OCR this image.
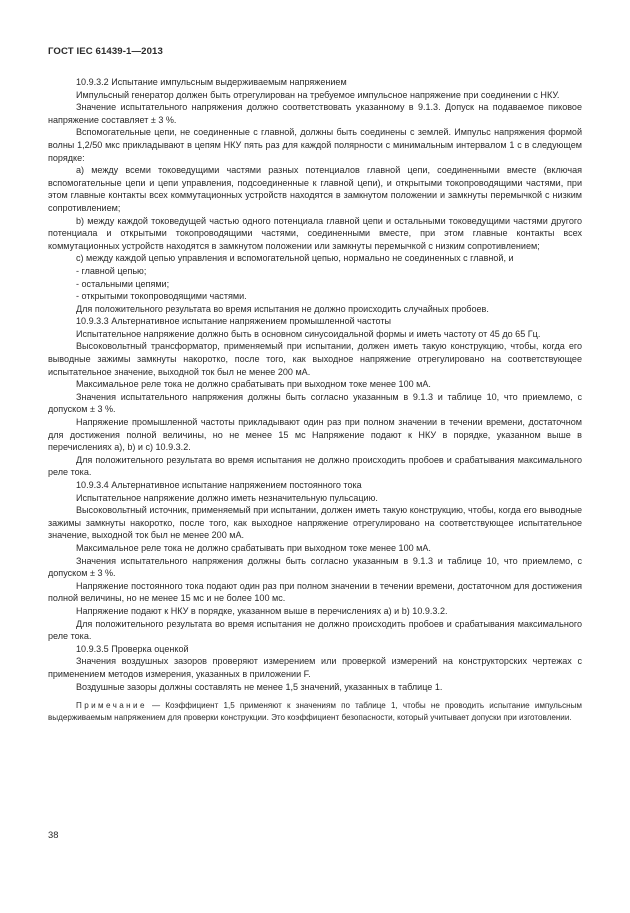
ГОСТ IEC 61439-1—2013

10.9.3.2 Испытание импульсным выдерживаемым напряжением

Импульсный генератор должен быть отрегулирован на требуемое импульсное напряжение при соединении с НКУ.

Значение испытательного напряжения должно соответствовать указанному в 9.1.3. Допуск на подаваемое пиковое напряжение составляет ± 3 %.

Вспомогательные цепи, не соединенные с главной, должны быть соединены с землей. Импульс напряжения формой волны 1,2/50 мкс прикладывают в цепям НКУ пять раз для каждой полярности с минимальным интервалом 1 с в следующем порядке:

а) между всеми токоведущими частями разных потенциалов главной цепи, соединенными вместе (включая вспомогательные цепи и цепи управления, подсоединенные к главной цепи), и открытыми токопроводящими частями, при этом главные контакты всех коммутационных устройств находятся в замкнутом положении и замкнуты перемычкой с низким сопротивлением;

b) между каждой токоведущей частью одного потенциала главной цепи и остальными токоведущими частями другого потенциала и открытыми токопроводящими частями, соединенными вместе, при этом главные контакты всех коммутационных устройств находятся в замкнутом положении или замкнуты перемычкой с низким сопротивлением;

с) между каждой цепью управления и вспомогательной цепью, нормально не соединенных с главной, и

- главной цепью;

- остальными цепями;

- открытыми токопроводящими частями.

Для положительного результата во время испытания не должно происходить случайных пробоев.

10.9.3.3 Альтернативное испытание напряжением промышленной частоты

Испытательное напряжение должно быть в основном синусоидальной формы и иметь частоту от 45 до 65 Гц.

Высоковольтный трансформатор, применяемый при испытании, должен иметь такую конструкцию, чтобы, когда его выводные зажимы замкнуты накоротко, после того, как выходное напряжение отрегулировано на соответствующее испытательное значение, выходной ток был не менее 200 мА.

Максимальное реле тока не должно срабатывать при выходном токе менее 100 мА.

Значения испытательного напряжения должны быть согласно указанным в 9.1.3 и таблице 10, что приемлемо, с допуском ± 3 %.

Напряжение промышленной частоты прикладывают один раз при полном значении в течении времени, достаточном для достижения полной величины, но не менее 15 мс Напряжение подают к НКУ в порядке, указанном выше в перечислениях а), b) и с) 10.9.3.2.

Для положительного результата во время испытания не должно происходить пробоев и срабатывания максимального реле тока.

10.9.3.4 Альтернативное испытание напряжением постоянного тока

Испытательное напряжение должно иметь незначительную пульсацию.

Высоковольтный источник, применяемый при испытании, должен иметь такую конструкцию, чтобы, когда его выводные зажимы замкнуты накоротко, после того, как выходное напряжение отрегулировано на соответствующее испытательное значение, выходной ток был не менее 200 мА.

Максимальное реле тока не должно срабатывать при выходном токе менее 100 мА.

Значения испытательного напряжения должны быть согласно указанным в 9.1.3 и таблице 10, что приемлемо, с допуском ± 3 %.

Напряжение постоянного тока подают один раз при полном значении в течении времени, достаточном для достижения полной величины, но не менее 15 мс и не более 100 мс.

Напряжение подают к НКУ в порядке, указанном выше в перечислениях а) и b) 10.9.3.2.

Для положительного результата во время испытания не должно происходить пробоев и срабатывания максимального реле тока.

10.9.3.5 Проверка оценкой

Значения воздушных зазоров проверяют измерением или проверкой измерений на конструкторских чертежах с применением методов измерения, указанных в приложении F.

Воздушные зазоры должны составлять не менее 1,5 значений, указанных в таблице 1.

Примечание — Коэффициент 1,5 применяют к значениям по таблице 1, чтобы не проводить испытание импульсным выдерживаемым напряжением для проверки конструкции. Это коэффициент безопасности, который учитывает допуски при изготовлении.

38
